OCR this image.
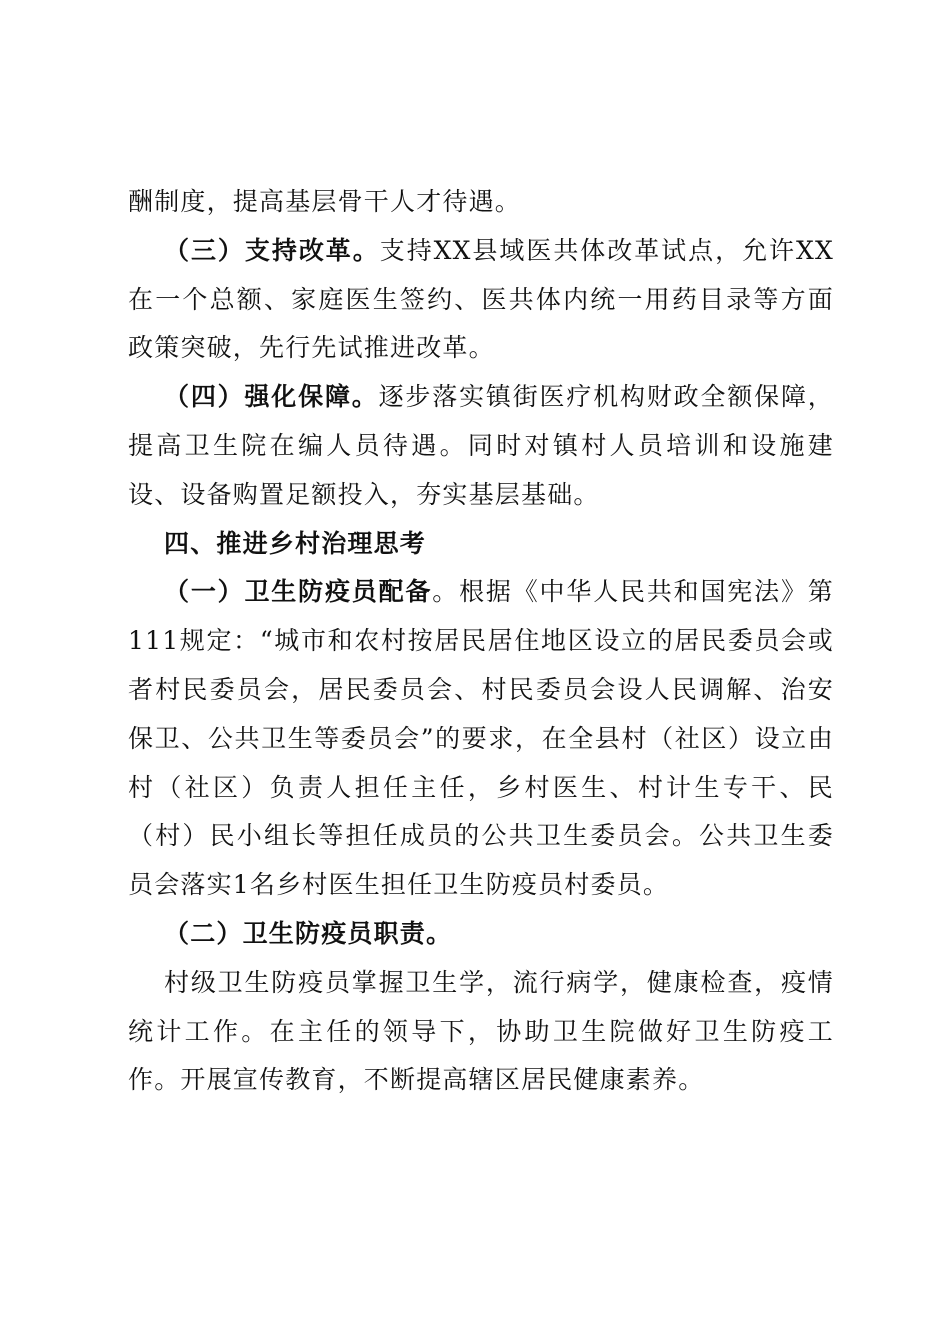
酬制度，提高基层骨干人才待遇。

（三）支持改革。支持XX县域医共体改革试点，允许XX在一个总额、家庭医生签约、医共体内统一用药目录等方面政策突破，先行先试推进改革。

（四）强化保障。逐步落实镇街医疗机构财政全额保障，提高卫生院在编人员待遇。同时对镇村人员培训和设施建设、设备购置足额投入，夯实基层基础。

四、推进乡村治理思考

（一）卫生防疫员配备。根据《中华人民共和国宪法》第111规定：“城市和农村按居民居住地区设立的居民委员会或者村民委员会，居民委员会、村民委员会设人民调解、治安保卫、公共卫生等委员会”的要求，在全县村（社区）设立由村（社区）负责人担任主任，乡村医生、村计生专干、民（村）民小组长等担任成员的公共卫生委员会。公共卫生委员会落实1名乡村医生担任卫生防疫员村委员。

（二）卫生防疫员职责。

村级卫生防疫员掌握卫生学，流行病学，健康检查，疫情统计工作。在主任的领导下，协助卫生院做好卫生防疫工作。开展宣传教育，不断提高辖区居民健康素养。
